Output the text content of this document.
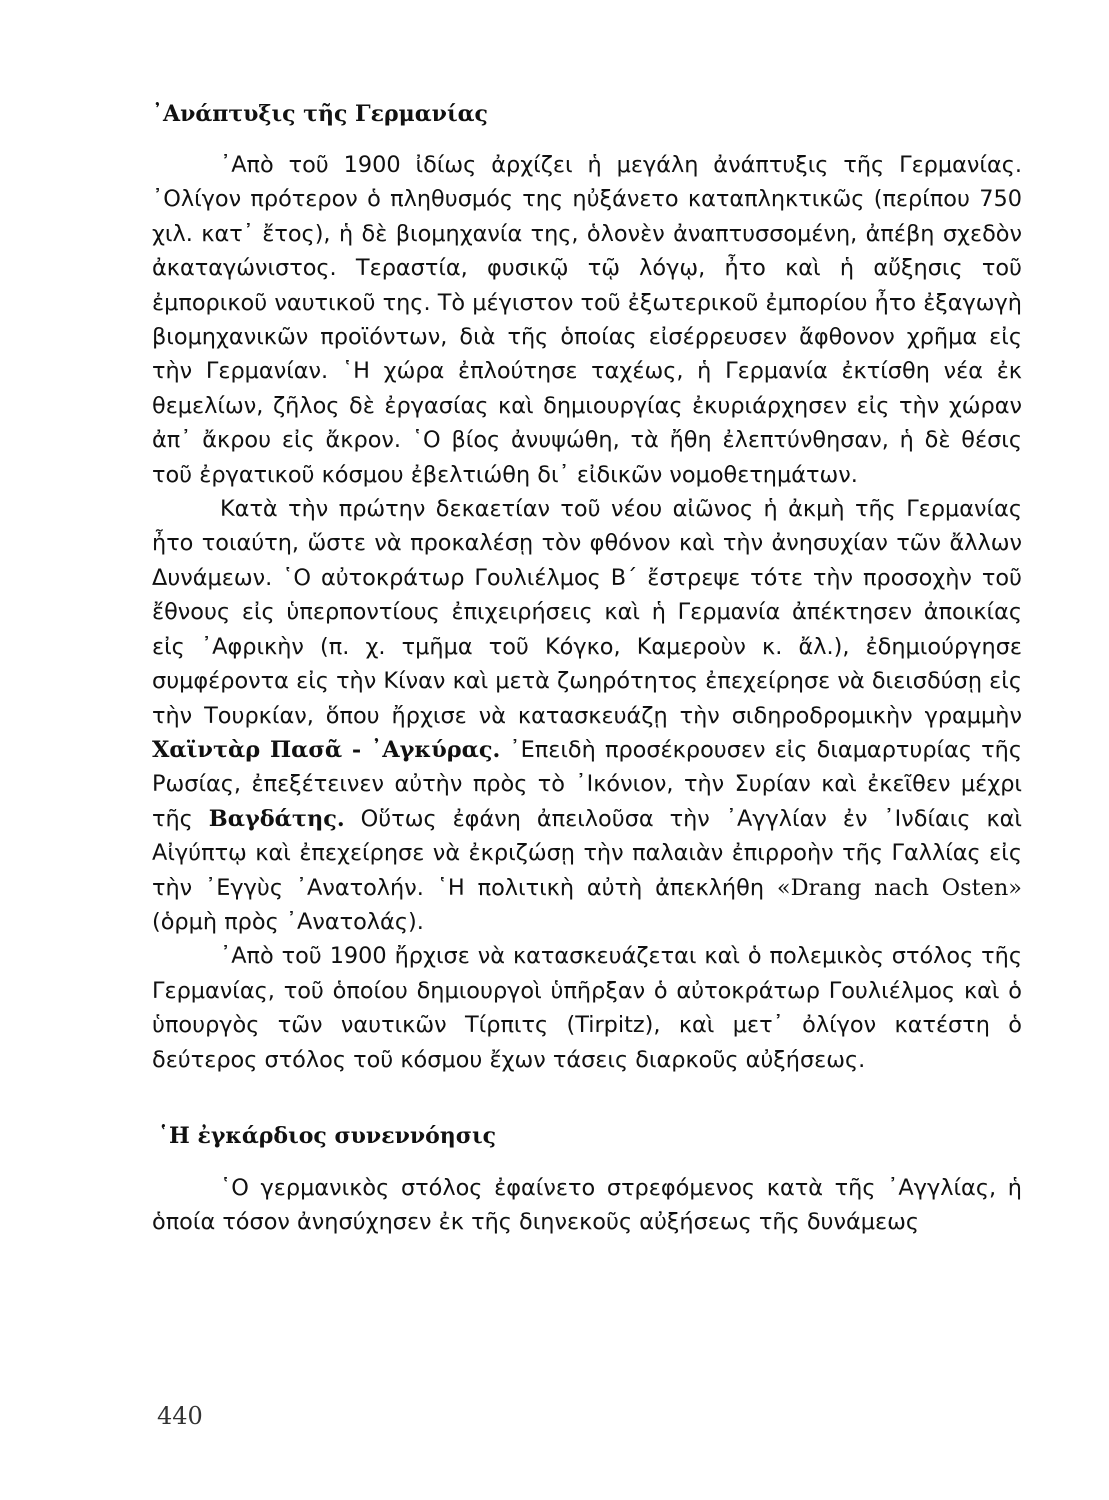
᾿Ανάπτυξις τῆς Γερμανίας

᾿Απὸ τοῦ 1900 ἰδίως ἀρχίζει ἡ μεγάλη ἀνάπτυξις τῆς Γερμανίας. ᾿Ολίγον πρότερον ὁ πληθυσμός της ηὐξάνετο καταπληκτικῶς (περίπου 750 χιλ. κατ᾿ ἔτος), ἡ δὲ βιομηχανία της, ὁλονὲν ἀναπτυσσομένη, ἀπέβη σχεδὸν ἀκαταγώνιστος. Τεραστία, φυσικῷ τῷ λόγῳ, ἦτο καὶ ἡ αὔξησις τοῦ ἐμπορικοῦ ναυτικοῦ της. Τὸ μέγιστον τοῦ ἐξωτερικοῦ ἐμπορίου ἦτο ἐξαγωγὴ βιομηχανικῶν προϊόντων, διὰ τῆς ὁποίας εἰσέρρευσεν ἄφθονον χρῆμα εἰς τὴν Γερμανίαν. ῾Η χώρα ἐπλούτησε ταχέως, ἡ Γερμανία ἐκτίσθη νέα ἐκ θεμελίων, ζῆλος δὲ ἐργασίας καὶ δημιουργίας ἐκυριάρχησεν εἰς τὴν χώραν ἀπ᾿ ἄκρου εἰς ἄκρον. ῾Ο βίος ἀνυψώθη, τὰ ἤθη ἐλεπτύνθησαν, ἡ δὲ θέσις τοῦ ἐργατικοῦ κόσμου ἐβελτιώθη δι᾿ εἰδικῶν νομοθετημάτων.

Κατὰ τὴν πρώτην δεκαετίαν τοῦ νέου αἰῶνος ἡ ἀκμὴ τῆς Γερμανίας ἦτο τοιαύτη, ὥστε νὰ προκαλέσῃ τὸν φθόνον καὶ τὴν ἀνησυχίαν τῶν ἄλλων Δυνάμεων. ῾Ο αὐτοκράτωρ Γουλιέλμος Β΄ ἔστρεψε τότε τὴν προσοχὴν τοῦ ἔθνους εἰς ὑπερποντίους ἐπιχειρήσεις καὶ ἡ Γερμανία ἀπέκτησεν ἀποικίας εἰς ᾿Αφρικὴν (π. χ. τμῆμα τοῦ Κόγκο, Καμεροὺν κ. ἄλ.), ἐδημιούργησε συμφέροντα εἰς τὴν Κίναν καὶ μετὰ ζωηρότητος ἐπεχείρησε νὰ διεισδύσῃ εἰς τὴν Τουρκίαν, ὅπου ἤρχισε νὰ κατασκευάζῃ τὴν σιδηροδρομικὴν γραμμὴν Χαϊντὰρ Πασᾶ - ᾿Αγκύρας. ᾿Επειδὴ προσέκρουσεν εἰς διαμαρτυρίας τῆς Ρωσίας, ἐπεξέτεινεν αὐτὴν πρὸς τὸ ᾿Ικόνιον, τὴν Συρίαν καὶ ἐκεῖθεν μέχρι τῆς Βαγδάτης. Οὕτως ἐφάνη ἀπειλοῦσα τὴν ᾿Αγγλίαν ἐν ᾿Ινδίαις καὶ Αἰγύπτῳ καὶ ἐπεχείρησε νὰ ἐκριζώσῃ τὴν παλαιὰν ἐπιρροὴν τῆς Γαλλίας εἰς τὴν ᾿Εγγὺς ᾿Ανατολήν. ῾Η πολιτικὴ αὐτὴ ἀπεκλήθη «Drang nach Osten» (ὁρμὴ πρὸς ᾿Ανατολάς).

᾿Απὸ τοῦ 1900 ἤρχισε νὰ κατασκευάζεται καὶ ὁ πολεμικὸς στόλος τῆς Γερμανίας, τοῦ ὁποίου δημιουργοὶ ὑπῆρξαν ὁ αὐτοκράτωρ Γουλιέλμος καὶ ὁ ὑπουργὸς τῶν ναυτικῶν Τίρπιτς (Tirpitz), καὶ μετ᾿ ὀλίγον κατέστη ὁ δεύτερος στόλος τοῦ κόσμου ἔχων τάσεις διαρκοῦς αὐξήσεως.

῾Η ἐγκάρδιος συνεννόησις

῾Ο γερμανικὸς στόλος ἐφαίνετο στρεφόμενος κατὰ τῆς ᾿Αγγλίας, ἡ ὁποία τόσον ἀνησύχησεν ἐκ τῆς διηνεκοῦς αὐξήσεως τῆς δυνάμεως

440
